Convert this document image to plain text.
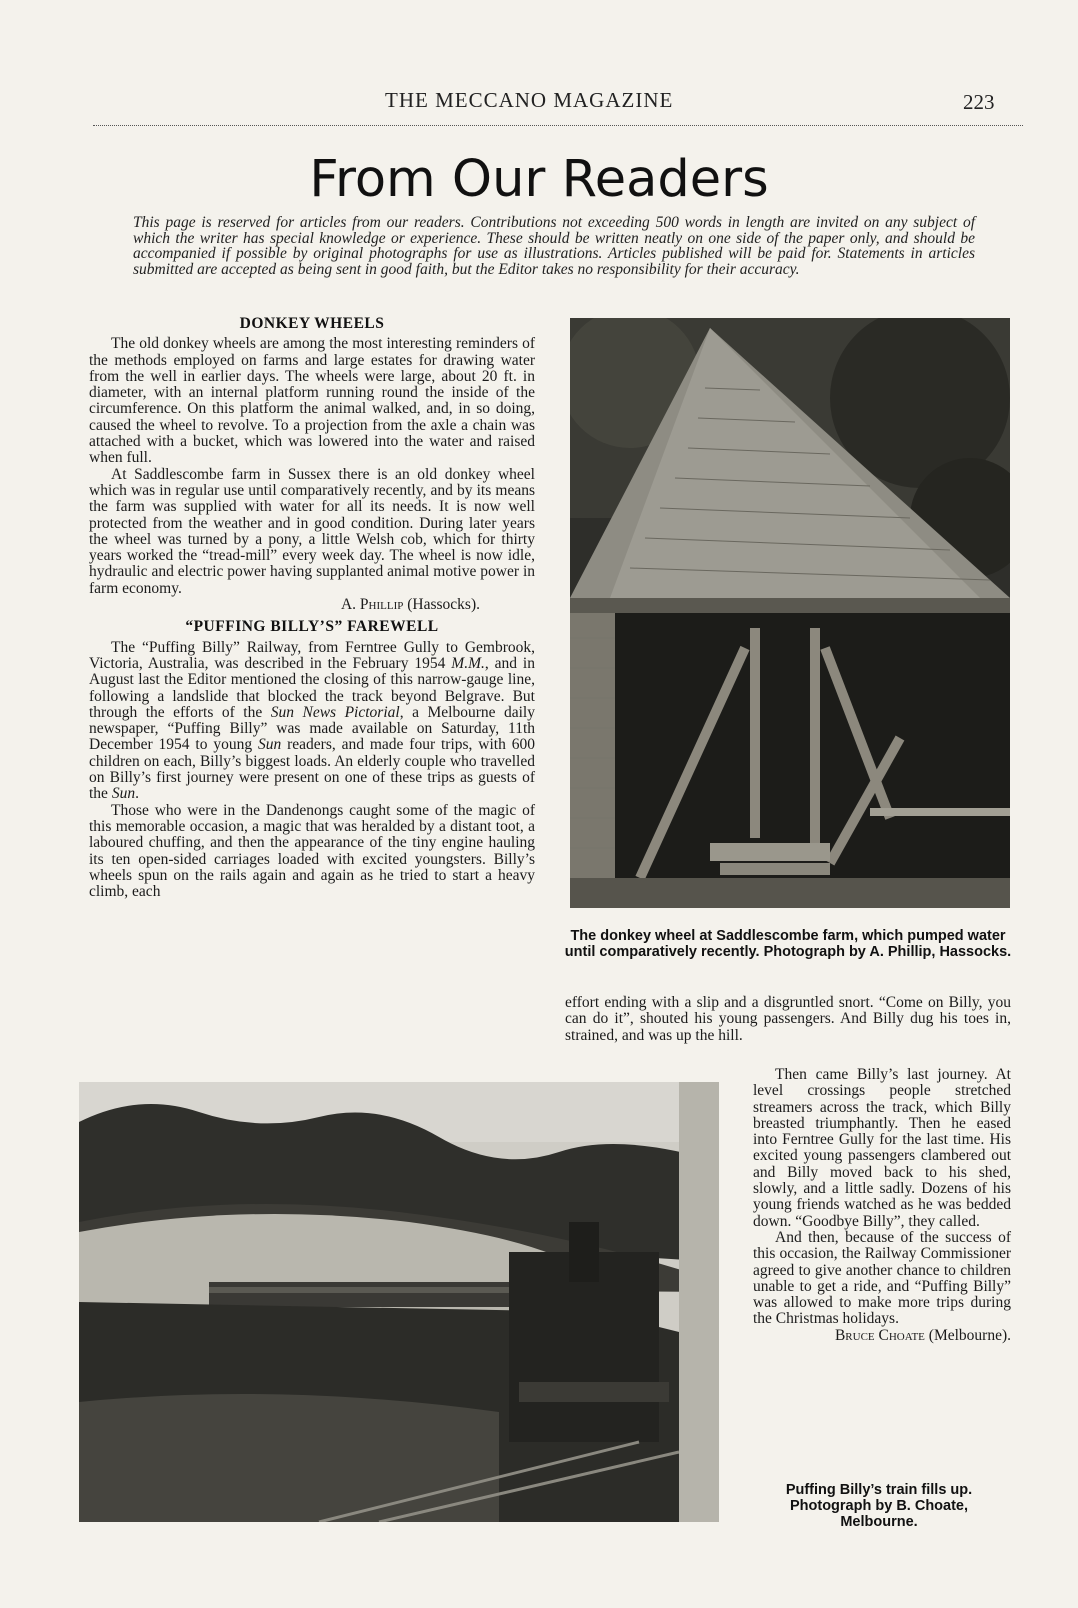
THE MECCANO MAGAZINE	223
From Our Readers
This page is reserved for articles from our readers. Contributions not exceeding 500 words in length are invited on any subject of which the writer has special knowledge or experience. These should be written neatly on one side of the paper only, and should be accompanied if possible by original photographs for use as illustrations. Articles published will be paid for. Statements in articles submitted are accepted as being sent in good faith, but the Editor takes no responsibility for their accuracy.
DONKEY WHEELS

The old donkey wheels are among the most interesting reminders of the methods employed on farms and large estates for drawing water from the well in earlier days. The wheels were large, about 20 ft. in diameter, with an internal platform running round the inside of the circumference. On this platform the animal walked, and, in so doing, caused the wheel to revolve. To a projection from the axle a chain was attached with a bucket, which was lowered into the water and raised when full.

At Saddlescombe farm in Sussex there is an old donkey wheel which was in regular use until comparatively recently, and by its means the farm was supplied with water for all its needs. It is now well protected from the weather and in good condition. During later years the wheel was turned by a pony, a little Welsh cob, which for thirty years worked the “tread-mill” every week day. The wheel is now idle, hydraulic and electric power having supplanted animal motive power in farm economy.

A. Phillip (Hassocks).
“PUFFING BILLY’S” FAREWELL

The “Puffing Billy” Railway, from Ferntree Gully to Gembrook, Victoria, Australia, was described in the February 1954 M.M., and in August last the Editor mentioned the closing of this narrow-gauge line, following a landslide that blocked the track beyond Belgrave. But through the efforts of the Sun News Pictorial, a Melbourne daily newspaper, “Puffing Billy” was made available on Saturday, 11th December 1954 to young Sun readers, and made four trips, with 600 children on each, Billy’s biggest loads. An elderly couple who travelled on Billy’s first journey were present on one of these trips as guests of the Sun.

Those who were in the Dandenongs caught some of the magic of this memorable occasion, a magic that was heralded by a distant toot, a laboured chuffing, and then the appearance of the tiny engine hauling its ten open-sided carriages loaded with excited youngsters. Billy’s wheels spun on the rails again and again as he tried to start a heavy climb, each

The donkey wheel at Saddlescombe farm, which pumped water until comparatively recently. Photograph by A. Phillip, Hassocks.

effort ending with a slip and a disgruntled snort. “Come on Billy, you can do it”, shouted his young passengers. And Billy dug his toes in, strained, and was up the hill.

Then came Billy’s last journey. At level crossings people stretched streamers across the track, which Billy breasted triumphantly. Then he eased into Ferntree Gully for the last time. His excited young passengers clambered out and Billy moved back to his shed, slowly, and a little sadly. Dozens of his young friends watched as he was bedded down. “Goodbye Billy”, they called.

And then, because of the success of this occasion, the Railway Commissioner agreed to give another chance to children unable to get a ride, and “Puffing Billy” was allowed to make more trips during the Christmas holidays.

Bruce Choate (Melbourne).
Puffing Billy’s train fills up. Photograph by B. Choate, Melbourne.
